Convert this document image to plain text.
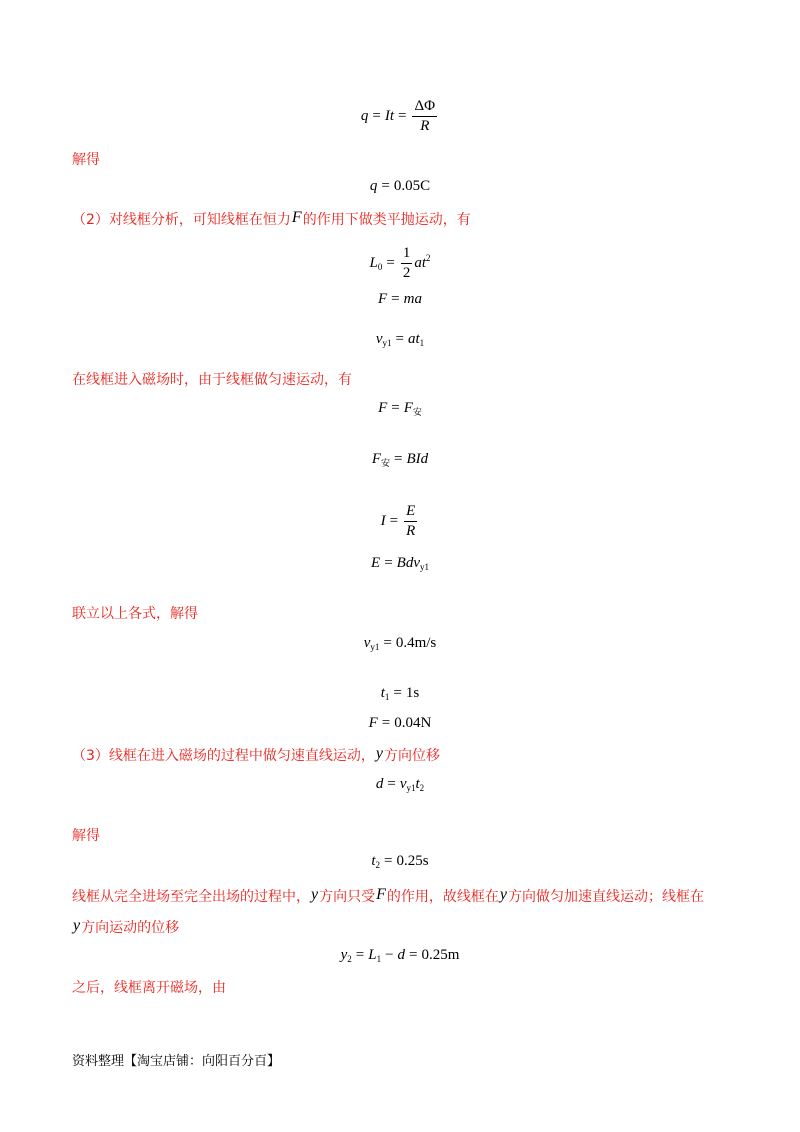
$q = It = \frac{\Delta\Phi}{R}$
解得
q = 0.05C
（2）对线框分析，可知线框在恒力F的作用下做类平抛运动，有
$L_0 = \frac{1}{2} at^2$
F = ma
$v_{y1} = at_1$
在线框进入磁场时，由于线框做匀速运动，有
$F = F_安$
$F_安$ = BId
$I = \frac{E}{R}$
E = Bdv$_{y1}$
联立以上各式，解得
$v_{y1} = 0.4m/s$
$t_1 = 1s$
F = 0.04N
（3）线框在进入磁场的过程中做匀速直线运动，y方向位移
$d = v_{y1}t_2$
解得
$t_2 = 0.25s$
线框从完全进场至完全出场的过程中，y方向只受F的作用，故线框在y方向做匀加速直线运动；线框在
y方向运动的位移
$y_2 = L_1 - d = 0.25m$
之后，线框离开磁场，由
资料整理【淘宝店铺：向阳百分百】
